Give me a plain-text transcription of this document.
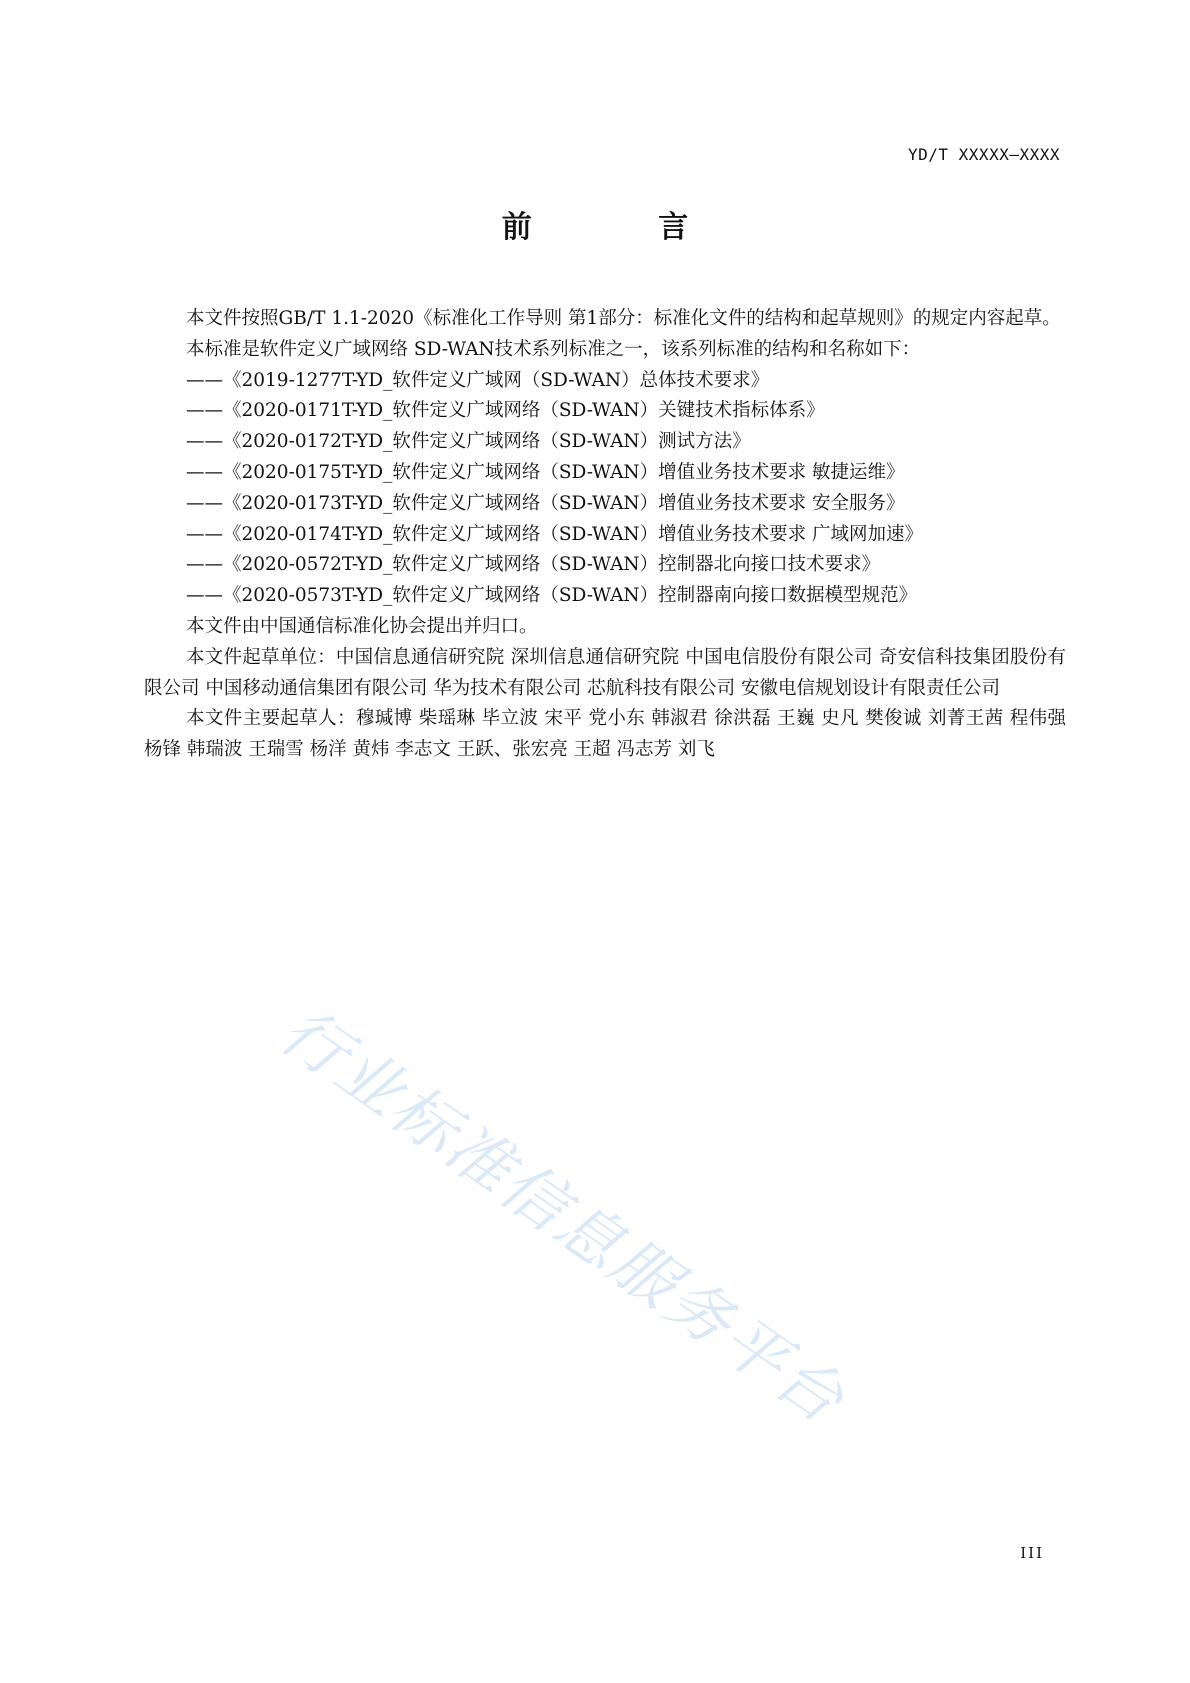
行业标准信息服务平台
YD/T XXXXX—XXXX
前 言

本文件按照GB/T 1.1-2020《标准化工作导则 第1部分：标准化文件的结构和起草规则》的规定内容起草。

本标准是软件定义广域网络 SD-WAN技术系列标准之一，该系列标准的结构和名称如下：

——《2019-1277T-YD_软件定义广域网（SD-WAN）总体技术要求》

——《2020-0171T-YD_软件定义广域网络（SD-WAN）关键技术指标体系》

——《2020-0172T-YD_软件定义广域网络（SD-WAN）测试方法》

——《2020-0175T-YD_软件定义广域网络（SD-WAN）增值业务技术要求 敏捷运维》

——《2020-0173T-YD_软件定义广域网络（SD-WAN）增值业务技术要求 安全服务》

——《2020-0174T-YD_软件定义广域网络（SD-WAN）增值业务技术要求 广域网加速》

——《2020-0572T-YD_软件定义广域网络（SD-WAN）控制器北向接口技术要求》

——《2020-0573T-YD_软件定义广域网络（SD-WAN）控制器南向接口数据模型规范》

本文件由中国通信标准化协会提出并归口。

本文件起草单位：中国信息通信研究院 深圳信息通信研究院 中国电信股份有限公司 奇安信科技集团股份有限公司 中国移动通信集团有限公司 华为技术有限公司 芯航科技有限公司 安徽电信规划设计有限责任公司

本文件主要起草人：穆瑊博 柴瑶琳 毕立波 宋平 党小东 韩淑君 徐洪磊 王巍 史凡 樊俊诚 刘菁王茜 程伟强 杨锋 韩瑞波 王瑞雪 杨洋 黄炜 李志文 王跃、张宏亮 王超 冯志芳 刘飞

III
